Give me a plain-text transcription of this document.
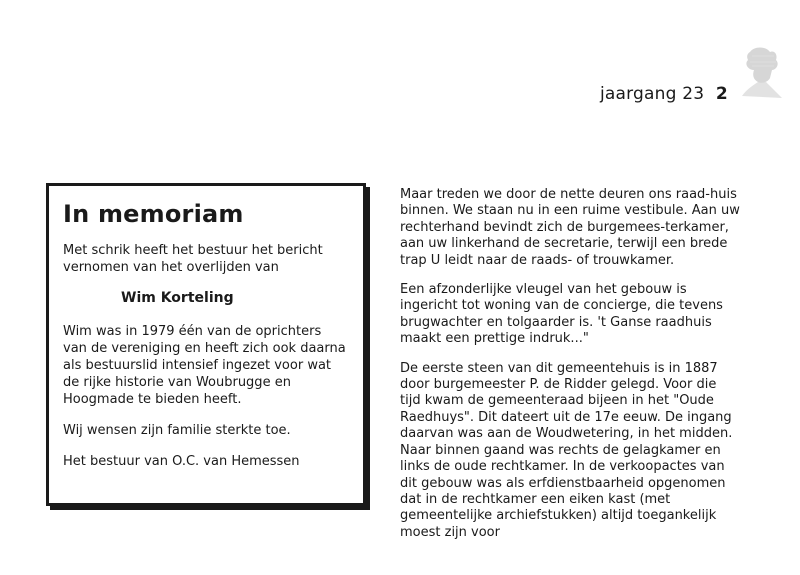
jaargang 23 2
In memoriam

Met schrik heeft het bestuur het bericht vernomen van het overlijden van

Wim Korteling

Wim was in 1979 één van de oprichters van de vereniging en heeft zich ook daarna als bestuurslid intensief ingezet voor wat de rijke historie van Woubrugge en Hoogmade te bieden heeft.

Wij wensen zijn familie sterkte toe.

Het bestuur van O.C. van Hemessen

Maar treden we door de nette deuren ons raad-huis binnen. We staan nu in een ruime vestibule. Aan uw rechterhand bevindt zich de burgemees-terkamer, aan uw linkerhand de secretarie, terwijl een brede trap U leidt naar de raads- of trouwkamer.

Een afzonderlijke vleugel van het gebouw is ingericht tot woning van de concierge, die tevens brugwachter en tolgaarder is. 't Ganse raadhuis maakt een prettige indruk..."

De eerste steen van dit gemeentehuis is in 1887 door burgemeester P. de Ridder gelegd. Voor die tijd kwam de gemeenteraad bijeen in het "Oude Raedhuys". Dit dateert uit de 17e eeuw. De ingang daarvan was aan de Woudwetering, in het midden. Naar binnen gaand was rechts de gelagkamer en links de oude rechtkamer. In de verkoopactes van dit gebouw was als erfdienstbaarheid opgenomen dat in de rechtkamer een eiken kast (met gemeentelijke archiefstukken) altijd toegankelijk moest zijn voor
